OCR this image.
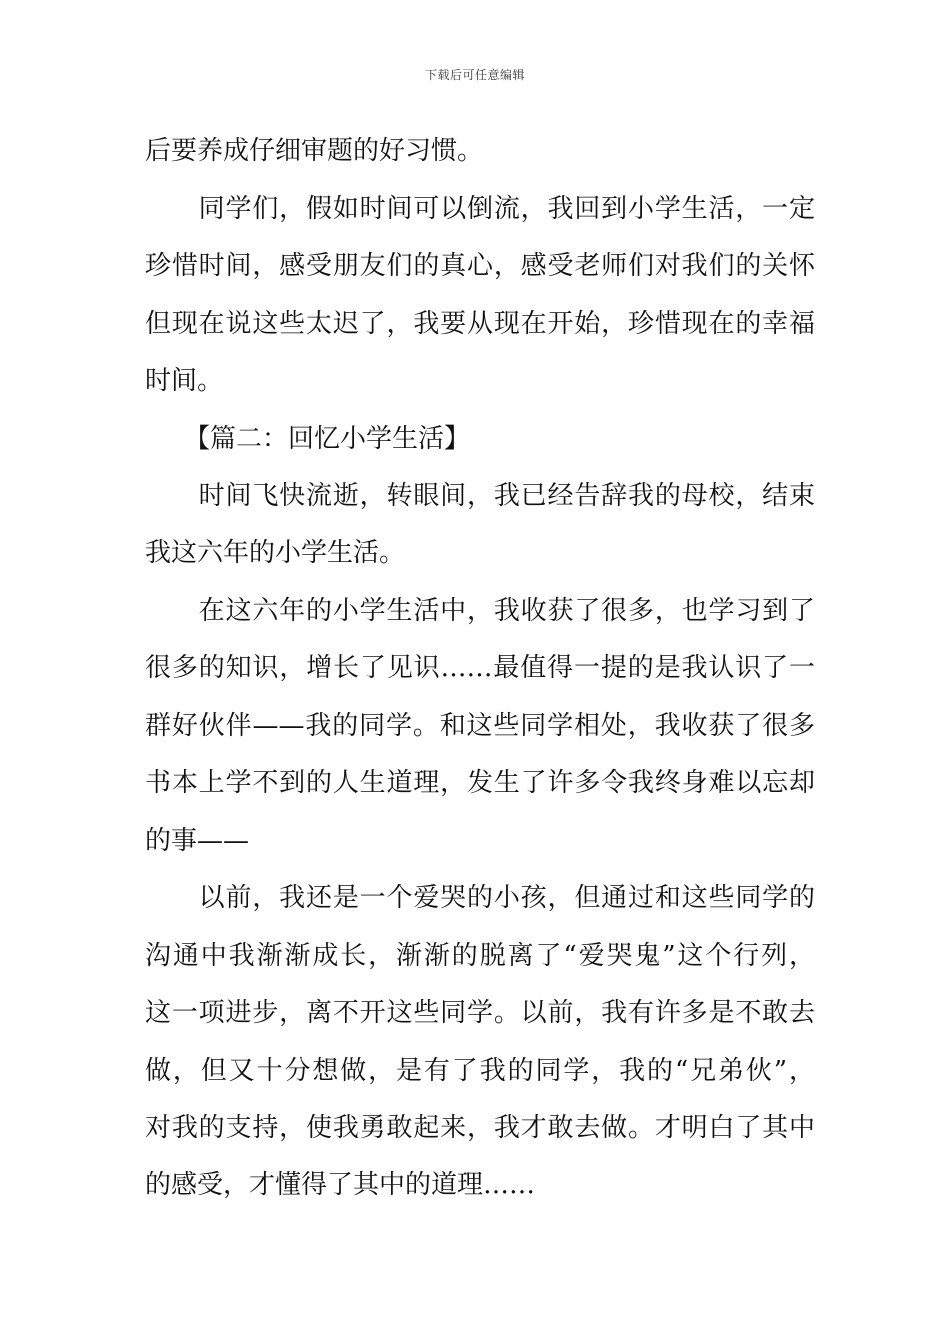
下载后可任意编辑
后要养成仔细审题的好习惯。
　　同学们，假如时间可以倒流，我回到小学生活，一定
珍惜时间，感受朋友们的真心，感受老师们对我们的关怀
但现在说这些太迟了，我要从现在开始，珍惜现在的幸福
时间。
　　【篇二：回忆小学生活】
　　时间飞快流逝，转眼间，我已经告辞我的母校，结束
我这六年的小学生活。
　　在这六年的小学生活中，我收获了很多，也学习到了
很多的知识，增长了见识……最值得一提的是我认识了一
群好伙伴——我的同学。和这些同学相处，我收获了很多
书本上学不到的人生道理，发生了许多令我终身难以忘却
的事——
　　以前，我还是一个爱哭的小孩，但通过和这些同学的
沟通中我渐渐成长，渐渐的脱离了“爱哭鬼”这个行列，
这一项进步，离不开这些同学。以前，我有许多是不敢去
做，但又十分想做，是有了我的同学，我的“兄弟伙”，
对我的支持，使我勇敢起来，我才敢去做。才明白了其中
的感受，才懂得了其中的道理……
